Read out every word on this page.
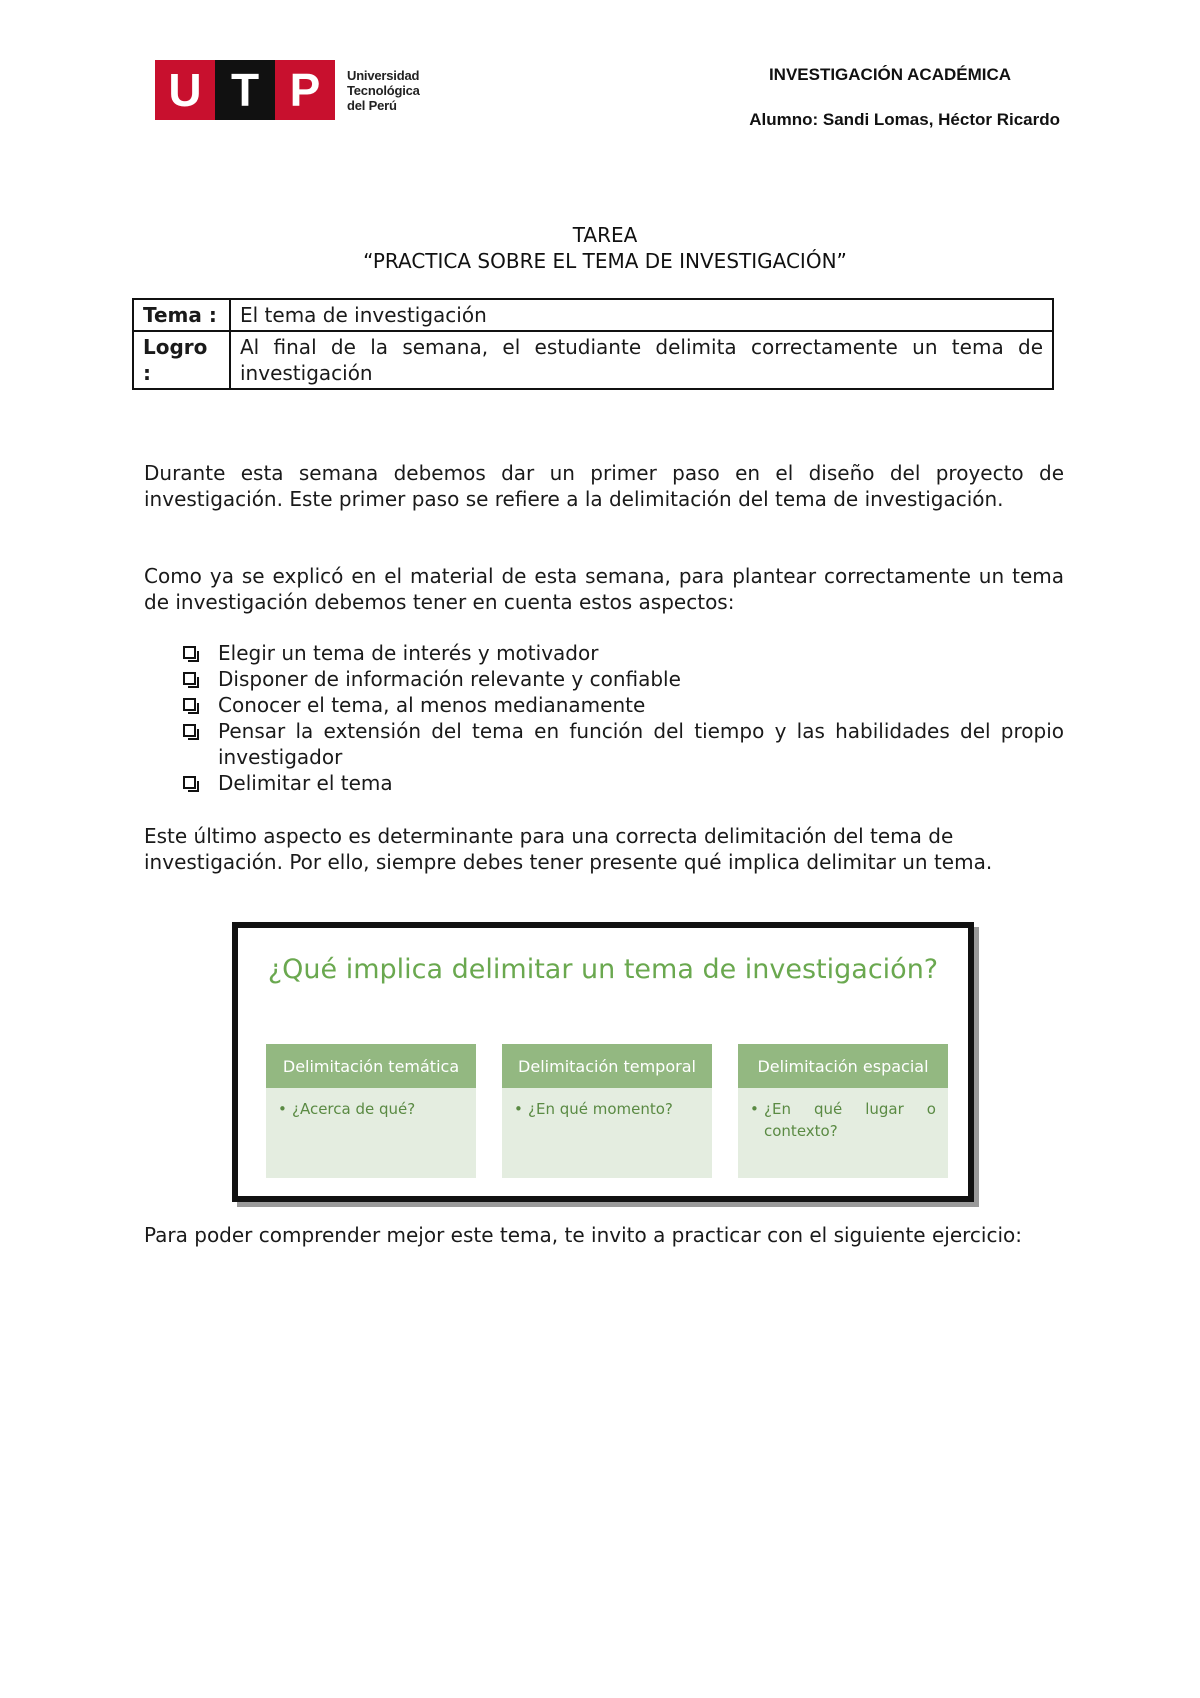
U T P	Universidad
Tecnológica
del Perú
INVESTIGACIÓN ACADÉMICA
Alumno: Sandi Lomas, Héctor Ricardo
TAREA
“PRACTICA SOBRE EL TEMA DE INVESTIGACIÓN”
Tema :	El tema de investigación
Logro :	Al final de la semana, el estudiante delimita correctamente un tema de investigación
Durante esta semana debemos dar un primer paso en el diseño del proyecto de investigación. Este primer paso se refiere a la delimitación del tema de investigación.
Como ya se explicó en el material de esta semana, para plantear correctamente un tema de investigación debemos tener en cuenta estos aspectos:
Elegir un tema de interés y motivador
Disponer de información relevante y confiable
Conocer el tema, al menos medianamente
Pensar la extensión del tema en función del tiempo y las habilidades del propio investigador
Delimitar el tema
Este último aspecto es determinante para una correcta delimitación del tema de investigación. Por ello, siempre debes tener presente qué implica delimitar un tema.
¿Qué implica delimitar un tema de investigación?
Delimitación temática
• ¿Acerca de qué?
Delimitación temporal
• ¿En qué momento?
Delimitación espacial
• ¿En qué lugar o contexto?
Para poder comprender mejor este tema, te invito a practicar con el siguiente ejercicio:
